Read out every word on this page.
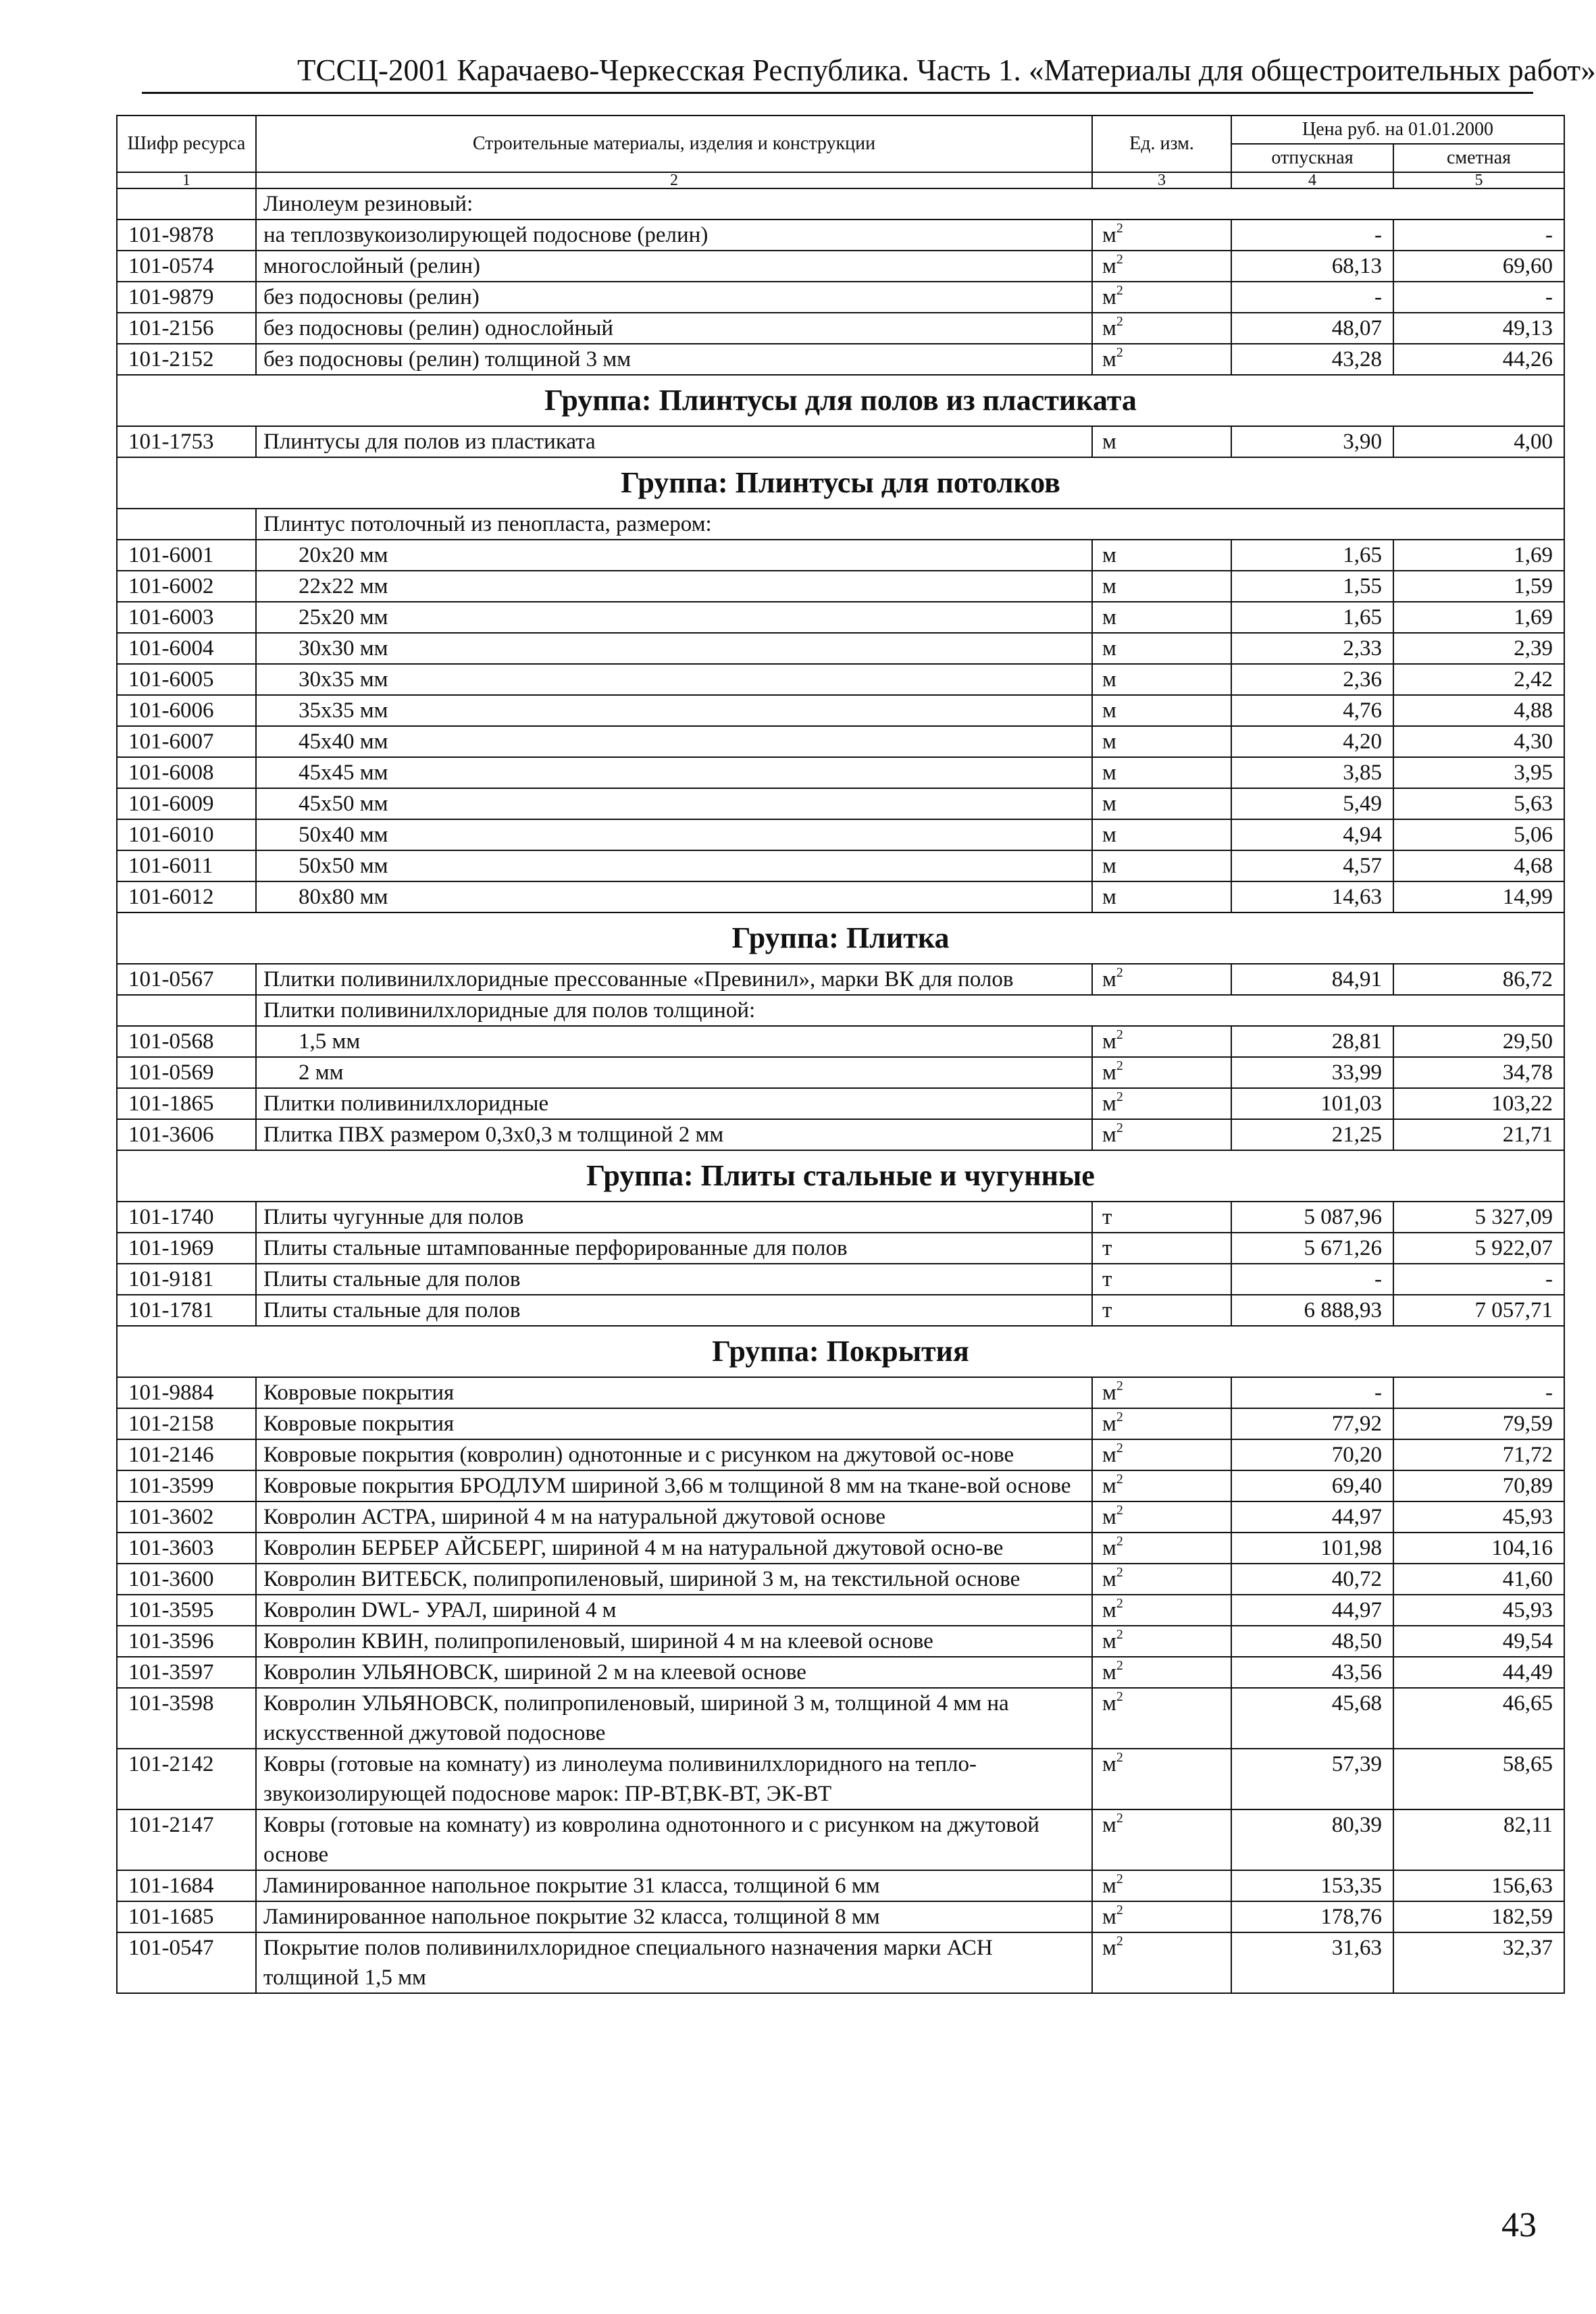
ТССЦ-2001 Карачаево-Черкесская Республика. Часть 1. «Материалы для общестроительных работ»
Шифр ресурса	Строительные материалы, изделия и конструкции	Ед. изм.	Цена руб. на 01.01.2000	
			отпускная	сметная
1	2	3	4	5
	Линолеум резиновый:			
101-9878	на теплозвукоизолирующей подоснове (релин)	$м^2$	-	-
101-0574	многослойный (релин)	$м^2$	68,13	69,60
101-9879	без подосновы (релин)	$м^2$	-	-
101-2156	без подосновы (релин) однослойный	$м^2$	48,07	49,13
101-2152	без подосновы (релин) толщиной 3 мм	$м^2$	43,28	44,26
Группа: Плинтусы для полов из пластиката				
101-1753	Плинтусы для полов из пластиката	м	3,90	4,00
Группа: Плинтусы для потолков				
	Плинтус потолочный из пенопласта, размером:			
101-6001	20x20 мм	м	1,65	1,69
101-6002	22x22 мм	м	1,55	1,59
101-6003	25x20 мм	м	1,65	1,69
101-6004	30x30 мм	м	2,33	2,39
101-6005	30x35 мм	м	2,36	2,42
101-6006	35x35 мм	м	4,76	4,88
101-6007	45x40 мм	м	4,20	4,30
101-6008	45x45 мм	м	3,85	3,95
101-6009	45x50 мм	м	5,49	5,63
101-6010	50x40 мм	м	4,94	5,06
101-6011	50x50 мм	м	4,57	4,68
101-6012	80x80 мм	м	14,63	14,99
Группа: Плитка				
101-0567	Плитки поливинилхлоридные прессованные «Превинил», марки ВК для полов	$м^2$	84,91	86,72
	Плитки поливинилхлоридные для полов толщиной:			
101-0568	1,5 мм	$м^2$	28,81	29,50
101-0569	2 мм	$м^2$	33,99	34,78
101-1865	Плитки поливинилхлоридные	$м^2$	101,03	103,22
101-3606	Плитка ПВХ размером 0,3x0,3 м толщиной 2 мм	$м^2$	21,25	21,71
Группа: Плиты стальные и чугунные				
101-1740	Плиты чугунные для полов	т	5 087,96	5 327,09
101-1969	Плиты стальные штампованные перфорированные для полов	т	5 671,26	5 922,07
101-9181	Плиты стальные для полов	т	-	-
101-1781	Плиты стальные для полов	т	6 888,93	7 057,71
Группа: Покрытия				
101-9884	Ковровые покрытия	$м^2$	-	-
101-2158	Ковровые покрытия	$м^2$	77,92	79,59
101-2146	Ковровые покрытия (ковролин) однотонные и с рисунком на джутовой ос-нове	$м^2$	70,20	71,72
101-3599	Ковровые покрытия БРОДЛУМ шириной 3,66 м толщиной 8 мм на ткане-вой основе	$м^2$	69,40	70,89
101-3602	Ковролин АСТРА, шириной 4 м на натуральной джутовой основе	$м^2$	44,97	45,93
101-3603	Ковролин БЕРБЕР АЙСБЕРГ, шириной 4 м на натуральной джутовой осно-ве	$м^2$	101,98	104,16
101-3600	Ковролин ВИТЕБСК, полипропиленовый, шириной 3 м, на текстильной основе	$м^2$	40,72	41,60
101-3595	Ковролин DWL- УРАЛ, шириной 4 м	$м^2$	44,97	45,93
101-3596	Ковролин КВИН, полипропиленовый, шириной 4 м на клеевой основе	$м^2$	48,50	49,54
101-3597	Ковролин УЛЬЯНОВСК, шириной 2 м на клеевой основе	$м^2$	43,56	44,49
101-3598	Ковролин УЛЬЯНОВСК, полипропиленовый, шириной 3 м, толщиной 4 мм на искусственной джутовой подоснове	$м^2$	45,68	46,65
101-2142	Ковры (готовые на комнату) из линолеума поливинилхлоридного на тепло-звукоизолирующей подоснове марок: ПР-ВТ,ВК-ВТ, ЭК-ВТ	$м^2$	57,39	58,65
101-2147	Ковры (готовые на комнату) из ковролина однотонного и с рисунком на джутовой основе	$м^2$	80,39	82,11
101-1684	Ламинированное напольное покрытие 31 класса, толщиной 6 мм	$м^2$	153,35	156,63
101-1685	Ламинированное напольное покрытие 32 класса, толщиной 8 мм	$м^2$	178,76	182,59
101-0547	Покрытие полов поливинилхлоридное специального назначения марки АСН толщиной 1,5 мм	$м^2$	31,63	32,37
43
